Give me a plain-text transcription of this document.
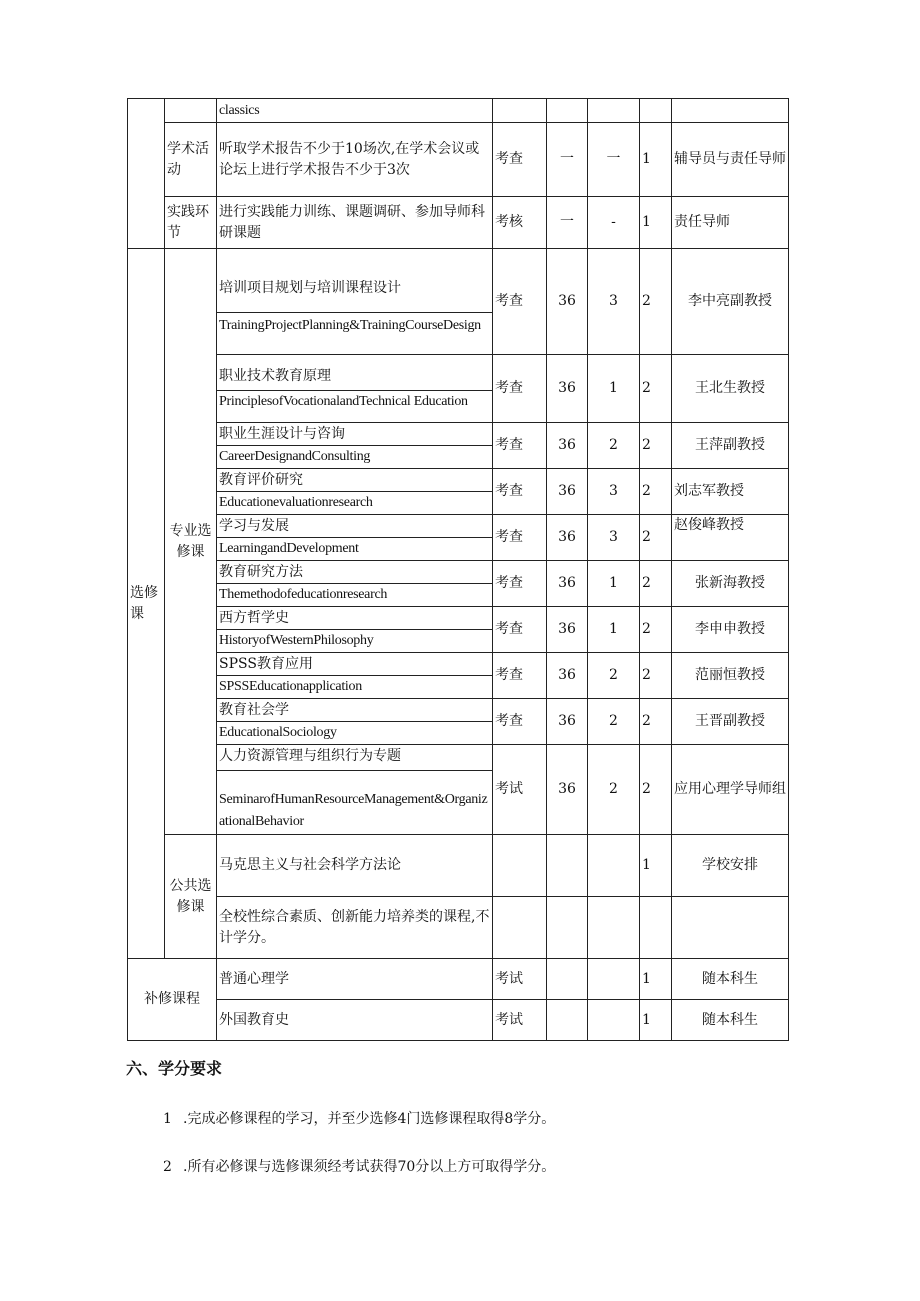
		classics					

	学术活动	听取学术报告不少于10场次,在学术会议或论坛上进行学术报告不少于3次	考查	一	一	1	辅导员与责任导师
	实践环节	进行实践能力训练、课题调研、参加导师科研课题	考核	一	-	1	责任导师
选修课	专业选修课	培训项目规划与培训课程设计
TrainingProjectPlanning&TrainingCourseDesign	考查	36	3	2	李中亮副教授

		职业技术教育原理
PrinciplesofVocationalandTechnical Education	考查	36	1	2	王北生教授

		职业生涯设计与咨询
CareerDesignandConsulting	考查	36	2	2	王萍副教授

		教育评价研究
Educationevaluationresearch	考查	36	3	2	刘志军教授

		学习与发展
LearningandDevelopment	考查	36	3	2	赵俊峰教授

		教育研究方法
Themethodofeducationresearch	考查	36	1	2	张新海教授

		西方哲学史
HistoryofWesternPhilosophy	考查	36	1	2	李申申教授

		SPSS教育应用
SPSSEducationapplication	考查	36	2	2	范丽恒教授

		教育社会学
EducationalSociology	考查	36	2	2	王晋副教授

		人力资源管理与组织行为专题
SeminarofHumanResourceManagement&OrganizationalBehavior	考试	36	2	2	应用心理学导师组
	公共选修课	马克思主义与社会科学方法论				1	学校安排
		全校性综合素质、创新能力培养类的课程,不计学分。					
补修课程		普通心理学	考试			1	随本科生
		外国教育史	考试			1	随本科生
六、学分要求
1 .完成必修课程的学习，并至少选修4门选修课程取得8学分。
2 .所有必修课与选修课须经考试获得70分以上方可取得学分。
